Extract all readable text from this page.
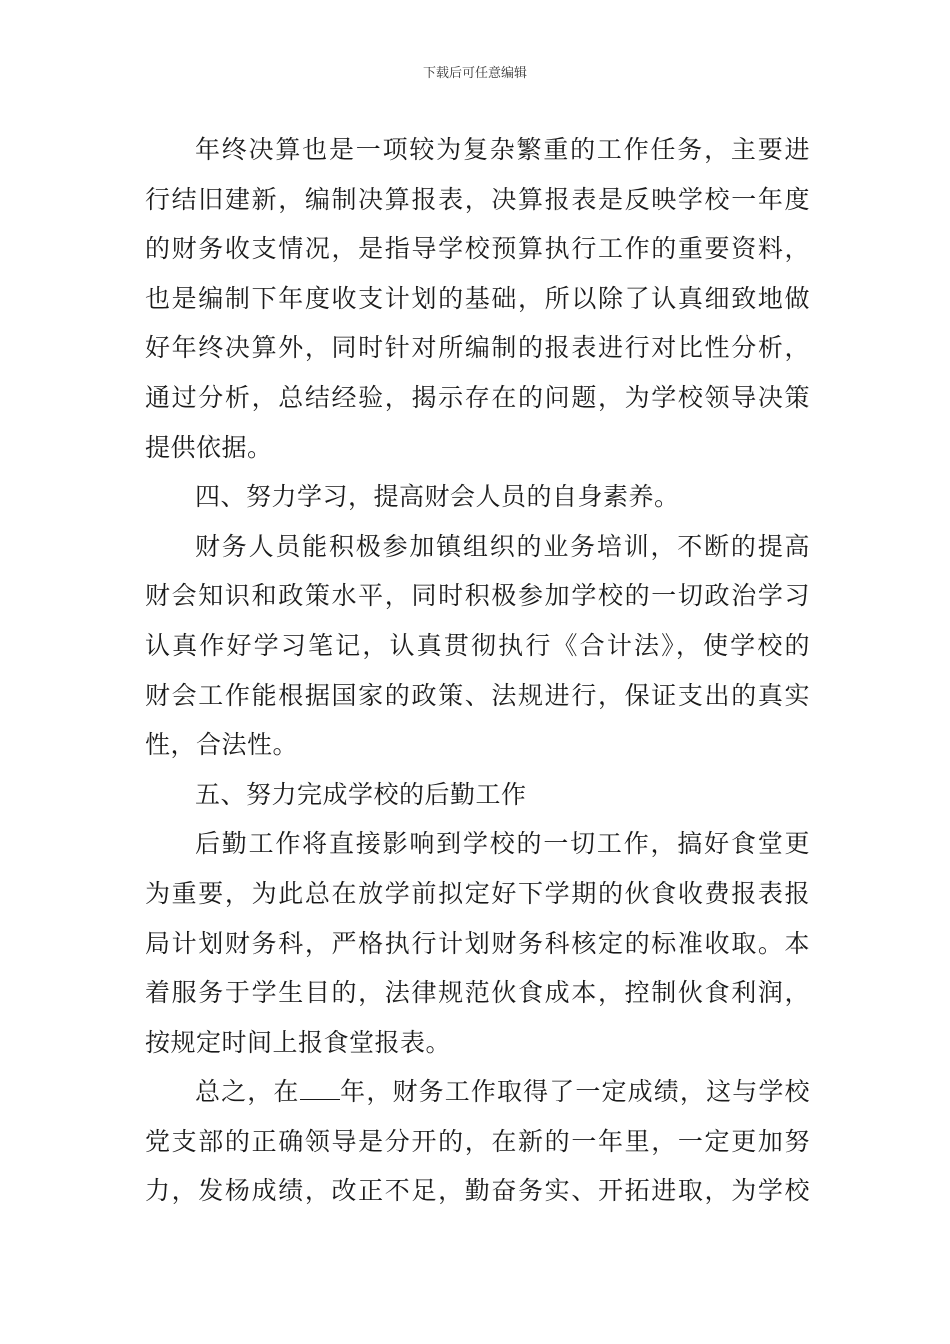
下载后可任意编辑
年终决算也是一项较为复杂繁重的工作任务，主要进
行结旧建新，编制决算报表，决算报表是反映学校一年度
的财务收支情况，是指导学校预算执行工作的重要资料，
也是编制下年度收支计划的基础，所以除了认真细致地做
好年终决算外，同时针对所编制的报表进行对比性分析，
通过分析，总结经验，揭示存在的问题，为学校领导决策
提供依据。
四、努力学习，提高财会人员的自身素养。
财务人员能积极参加镇组织的业务培训，不断的提高
财会知识和政策水平，同时积极参加学校的一切政治学习
认真作好学习笔记，认真贯彻执行《合计法》，使学校的
财会工作能根据国家的政策、法规进行，保证支出的真实
性，合法性。
五、努力完成学校的后勤工作
后勤工作将直接影响到学校的一切工作，搞好食堂更
为重要，为此总在放学前拟定好下学期的伙食收费报表报
局计划财务科，严格执行计划财务科核定的标准收取。本
着服务于学生目的，法律规范伙食成本，控制伙食利润，
按规定时间上报食堂报表。
总之，在 年，财务工作取得了一定成绩，这与学校
党支部的正确领导是分开的，在新的一年里，一定更加努
力，发杨成绩，改正不足，勤奋务实、开拓进取，为学校
